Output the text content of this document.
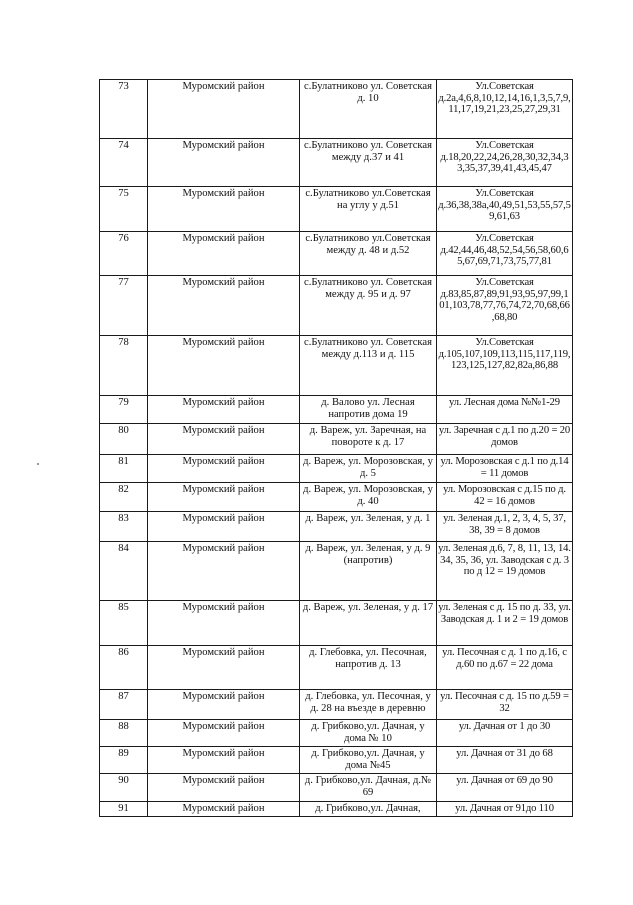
73	Муромский район	с.Булатниково ул. Советская д. 10	Ул.Советская д.2а,4,6,8,10,12,14,16,1,3,5,7,9,11,17,19,21,23,25,27,29,31
74	Муромский район	с.Булатниково ул. Советская между д.37 и 41	Ул.Советская д.18,20,22,24,26,28,30,32,34,33,35,37,39,41,43,45,47
75	Муромский район	с.Булатниково ул.Советская на углу у д.51	Ул.Советская д.36,38,38а,40,49,51,53,55,57,59,61,63
76	Муромский район	с.Булатниково ул.Советская между д. 48 и д.52	Ул.Советская д.42,44,46,48,52,54,56,58,60,65,67,69,71,73,75,77,81
77	Муромский район	с.Булатниково ул. Советская между д. 95 и д. 97	Ул.Советская д.83,85,87,89,91,93,95,97,99,101,103,78,77,76,74,72,70,68,66,68,80
78	Муромский район	с.Булатниково ул. Советская между д.113 и д. 115	Ул.Советская д.105,107,109,113,115,117,119,123,125,127,82,82а,86,88
79	Муромский район	д. Валово ул. Лесная напротив дома 19	ул. Лесная дома №№1-29
80	Муромский район	д. Вареж, ул. Заречная, на повороте к д. 17	ул. Заречная с д.1 по д.20 = 20 домов
81	Муромский район	д. Вареж, ул. Морозовская, у д. 5	ул. Морозовская с д.1 по д.14 = 11 домов
82	Муромский район	д. Вареж, ул. Морозовская, у д. 40	ул. Морозовская с д.15 по д. 42 = 16 домов
83	Муромский район	д. Вареж, ул. Зеленая, у д. 1	ул. Зеленая д.1, 2, 3, 4, 5, 37, 38, 39 = 8 домов
84	Муромский район	д. Вареж, ул. Зеленая, у д. 9 (напротив)	ул. Зеленая д.6, 7, 8, 11, 13, 14. 34, 35, 36, ул. Заводская с д. 3 по д 12 = 19 домов
85	Муромский район	д. Вареж, ул. Зеленая, у д. 17	ул. Зеленая с д. 15 по д. 33, ул. Заводская д. 1 и 2 = 19 домов
86	Муромский район	д. Глебовка, ул. Песочная, напротив д. 13	ул. Песочная с д. 1 по д.16, с д.60 по д.67 = 22 дома
87	Муромский район	д. Глебовка, ул. Песочная, у д. 28 на въезде в деревню	ул. Песочная с д. 15 по д.59 = 32
88	Муромский район	д. Грибково,ул. Дачная, у дома № 10	ул. Дачная от 1 до 30
89	Муромский район	д. Грибково,ул. Дачная, у дома №45	ул. Дачная от 31 до 68
90	Муромский район	д. Грибково,ул. Дачная, д.№ 69	ул. Дачная от 69 до 90
91	Муромский район	д. Грибково,ул. Дачная,	ул. Дачная от 91до 110
